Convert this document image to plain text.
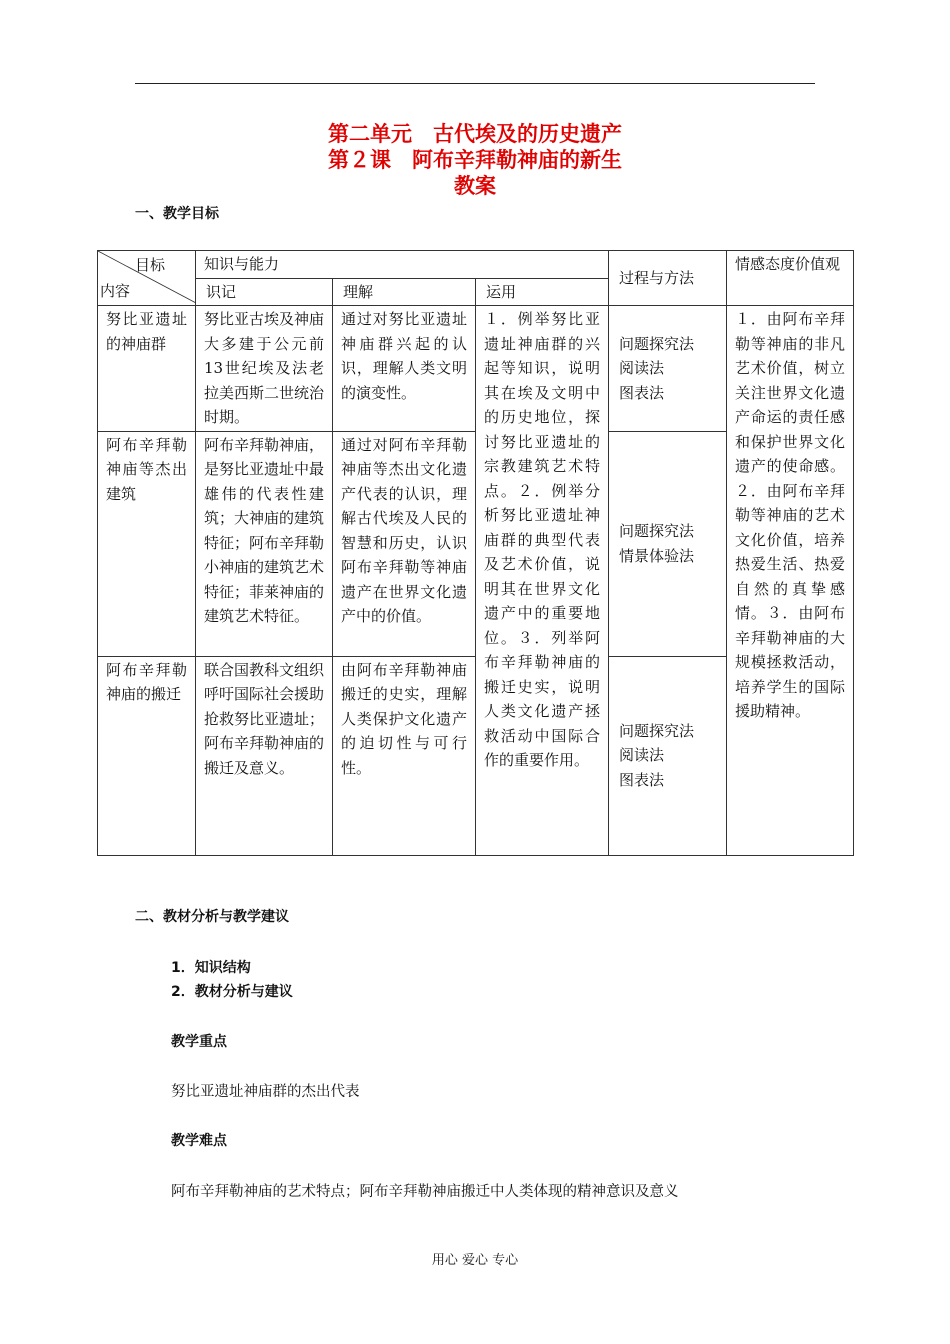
第二单元　古代埃及的历史遗产
第２课　阿布辛拜勒神庙的新生
教案
一、教学目标
目标
内容	知识与能力			过程与方法	情感态度价值观
	识记	理解	运用		
努比亚遗址的神庙群	努比亚古埃及神庙大多建于公元前13世纪埃及法老拉美西斯二世统治时期。	通过对努比亚遗址神庙群兴起的认识，理解人类文明的演变性。	１．例举努比亚遗址神庙群的兴起等知识，说明其在埃及文明中的历史地位，探讨努比亚遗址的宗教建筑艺术特点。２．例举分析努比亚遗址神庙群的典型代表及艺术价值，说明其在世界文化遗产中的重要地位。３．列举阿布辛拜勒神庙的搬迁史实，说明人类文化遗产拯救活动中国际合作的重要作用。	问题探究法
阅读法
图表法	１．由阿布辛拜勒等神庙的非凡艺术价值，树立关注世界文化遗产命运的责任感和保护世界文化遗产的使命感。２．由阿布辛拜勒等神庙的艺术文化价值，培养热爱生活、热爱自然的真挚感情。３．由阿布辛拜勒神庙的大规模拯救活动，培养学生的国际援助精神。
阿布辛拜勒神庙等杰出建筑	阿布辛拜勒神庙，是努比亚遗址中最雄伟的代表性建筑；大神庙的建筑特征；阿布辛拜勒小神庙的建筑艺术特征；菲莱神庙的建筑艺术特征。	通过对阿布辛拜勒神庙等杰出文化遗产代表的认识，理解古代埃及人民的智慧和历史，认识阿布辛拜勒等神庙遗产在世界文化遗产中的价值。		问题探究法
情景体验法	

阿布辛拜勒神庙的搬迁	联合国教科文组织呼吁国际社会援助抢救努比亚遗址；阿布辛拜勒神庙的搬迁及意义。	由阿布辛拜勒神庙搬迁的史实，理解人类保护文化遗产的迫切性与可行性。		问题探究法
阅读法
图表法	
二、教材分析与教学建议
1．知识结构
2．教材分析与建议
教学重点
努比亚遗址神庙群的杰出代表
教学难点
阿布辛拜勒神庙的艺术特点；阿布辛拜勒神庙搬迁中人类体现的精神意识及意义
用心 爱心 专心
